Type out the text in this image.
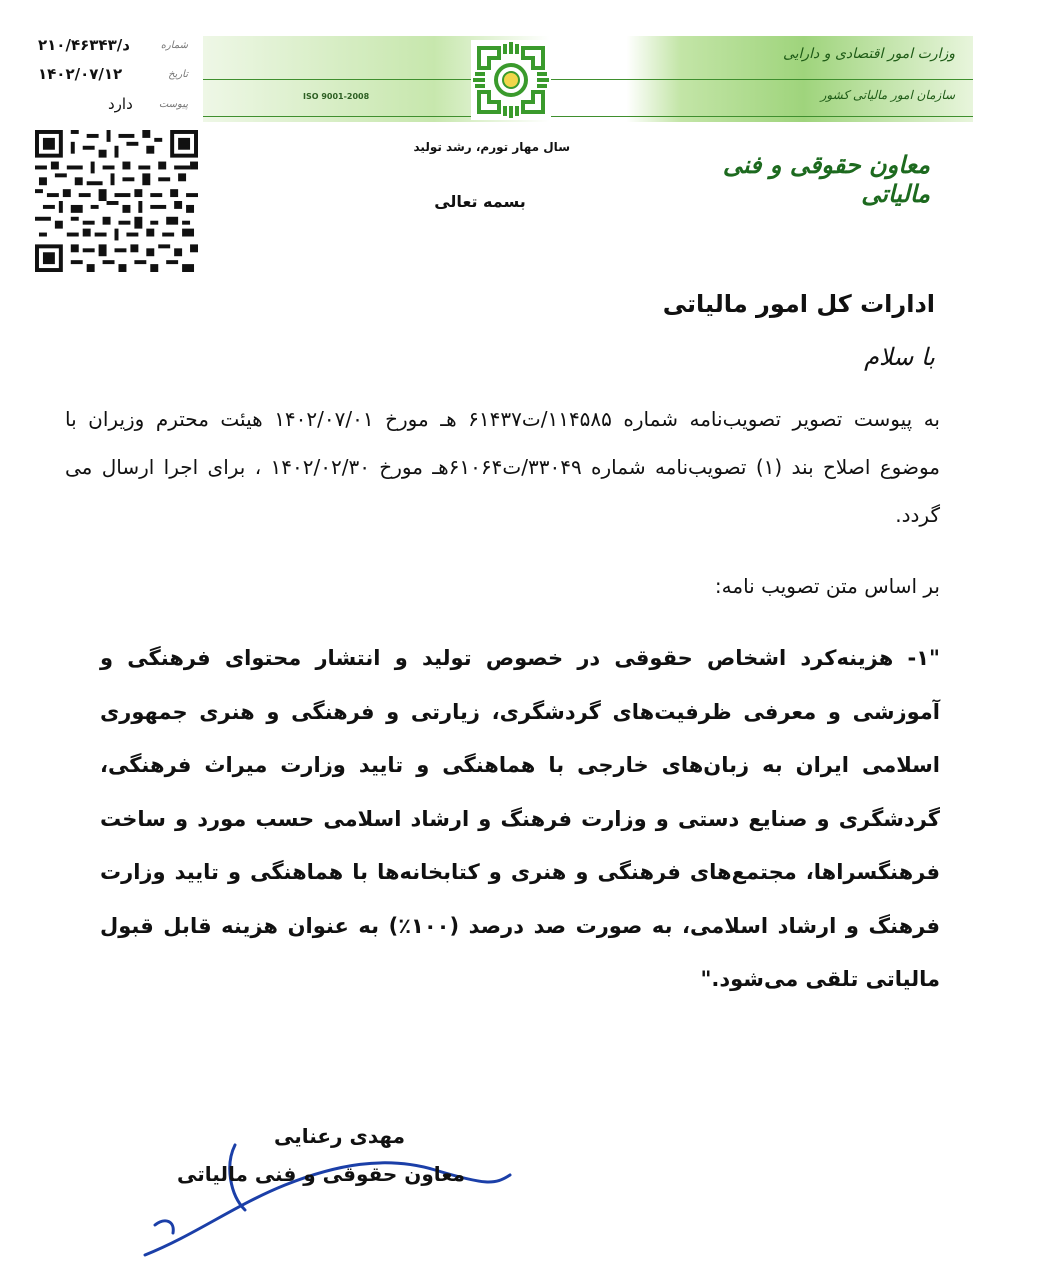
شماره
د/۲۱۰/۴۶۳۴۳
تاریخ
۱۴۰۲/۰۷/۱۲
پیوست
دارد
وزارت امور اقتصادی و دارایی
سازمان امور مالیاتی کشور
ISO 9001-2008
سال مهار تورم، رشد تولید
بسمه تعالی
معاون حقوقی و فنی مالیاتی
ادارات کل امور مالیاتی
با سلام
به پیوست تصویر تصویب‌نامه شماره ۱۱۴۵۸۵/ت۶۱۴۳۷ هـ مورخ ۱۴۰۲/۰۷/۰۱ هیئت محترم وزیران با موضوع اصلاح بند (۱) تصویب‌نامه شماره ۳۳۰۴۹/ت۶۱۰۶۴هـ مورخ ۱۴۰۲/۰۲/۳۰ ، برای اجرا ارسال می گردد.
بر اساس متن تصویب نامه:
"۱- هزینه‌کرد اشخاص حقوقی در خصوص تولید و انتشار محتوای فرهنگی و آموزشی و معرفی ظرفیت‌های گردشگری، زیارتی و فرهنگی و هنری جمهوری اسلامی ایران به زبان‌های خارجی با هماهنگی و تایید وزارت میراث فرهنگی، گردشگری و صنایع دستی و وزارت فرهنگ و ارشاد اسلامی حسب مورد و ساخت فرهنگسراها، مجتمع‌های فرهنگی و هنری و کتابخانه‌ها با هماهنگی و تایید وزارت فرهنگ و ارشاد اسلامی، به صورت صد درصد (۱۰۰٪) به عنوان هزینه قابل قبول مالیاتی تلقی می‌شود."
مهدی رعنایی
معاون حقوقی و فنی مالیاتی
